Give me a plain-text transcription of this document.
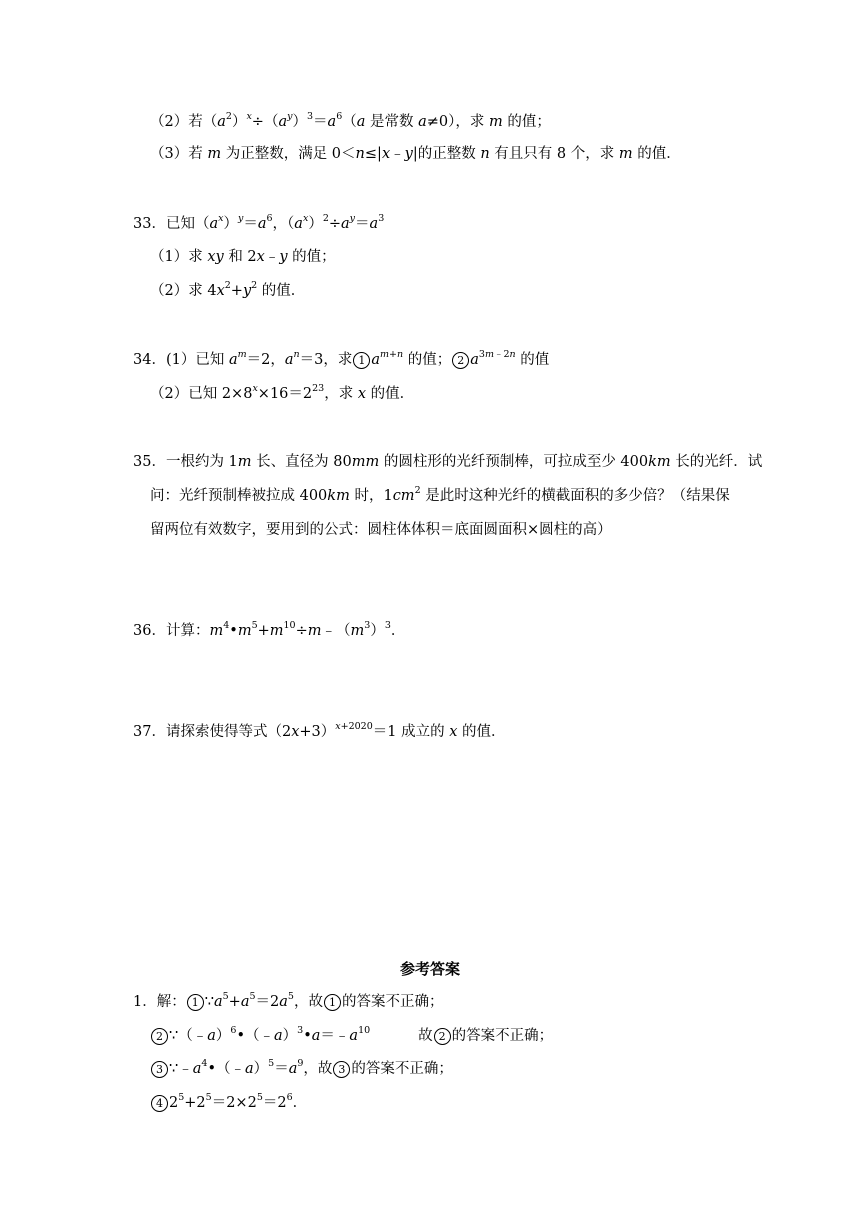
（2）若$(a^2)^x\div(a^y)^3=a^6(a$ 是常数 a≠0），求 m 的值；
（3）若 m 为正整数，满足 0＜n≤|x﹣y|的正整数 n 有且只有 8 个，求 m 的值．
33．已知$(a^x)^y=a^6$，$(a^x)^2\div a^y=a^3$
（1）求 xy 和 2x﹣y 的值；
（2）求 $4x^2+y^2$ 的值．
34．(1）已知 $a^m=2$，$a^n=3$，求 1 $a^{m+n}$ 的值； 2 $a^{3m﹣2n}$ 的值
（2）已知 $2\times 8^x\times 16=2^{23}$，求 x 的值．
35．一根约为 1m 长、直径为 80mm 的圆柱形的光纤预制棒，可拉成至少 400km 长的光纤．试
问：光纤预制棒被拉成 400km 时，$1cm^2$ 是此时这种光纤的横截面积的多少倍？（结果保
留两位有效数字，要用到的公式：圆柱体体积＝底面圆面积×圆柱的高）
36．计算：$m^4•m^5+m^{10}\div m﹣(m^3)^3$．
37．请探索使得等式$(2x+3)^{x+2020}=1$ 成立的 x 的值．
参考答案
1．解： 1 $\because a^5+a^5=2a^5$，故 1 的答案不正确；
2 $\because(﹣a)^6•(﹣a)^3•a=﹣a^{10}$	故 2 的答案不正确；
3 $\because﹣a^4•(﹣a)^5=a^9$，故 3 的答案不正确；
4 $2^5+2^5=2\times 2^5=2^6$．
